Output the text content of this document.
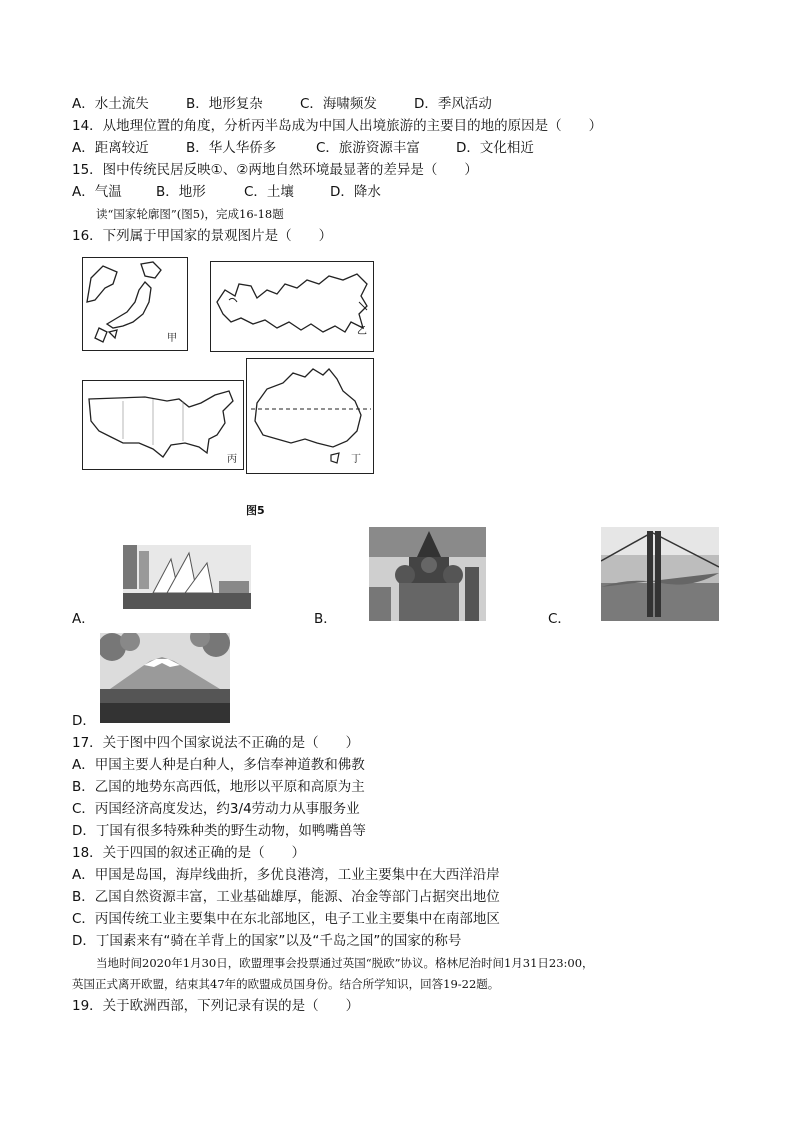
A．水土流失	B．地形复杂	C．海啸频发	D．季风活动
14．从地理位置的角度，分析丙半岛成为中国人出境旅游的主要目的地的原因是（　　）
A．距离较近	B．华人华侨多	C．旅游资源丰富	D．文化相近
15．图中传统民居反映①、②两地自然环境最显著的差异是（　　）
A．气温	B．地形	C．土壤	D．降水
读“国家轮廓图”(图5)，完成16-18题
16．下列属于甲国家的景观图片是（　　）
甲
乙
丙	丁
图5
A．	B．	C．
D．
17．关于图中四个国家说法不正确的是（　　）
A．甲国主要人种是白种人，多信奉神道教和佛教
B．乙国的地势东高西低，地形以平原和高原为主
C．丙国经济高度发达，约3/4劳动力从事服务业
D．丁国有很多特殊种类的野生动物，如鸭嘴兽等
18．关于四国的叙述正确的是（　　）
A．甲国是岛国，海岸线曲折，多优良港湾，工业主要集中在大西洋沿岸
B．乙国自然资源丰富，工业基础雄厚，能源、冶金等部门占据突出地位
C．丙国传统工业主要集中在东北部地区，电子工业主要集中在南部地区
D．丁国素来有“骑在羊背上的国家”以及“千岛之国”的国家的称号
当地时间2020年1月30日，欧盟理事会投票通过英国“脱欧”协议。格林尼治时间1月31日23:00，
英国正式离开欧盟，结束其47年的欧盟成员国身份。结合所学知识，回答19-22题。
19．关于欧洲西部，下列记录有误的是（　　）
